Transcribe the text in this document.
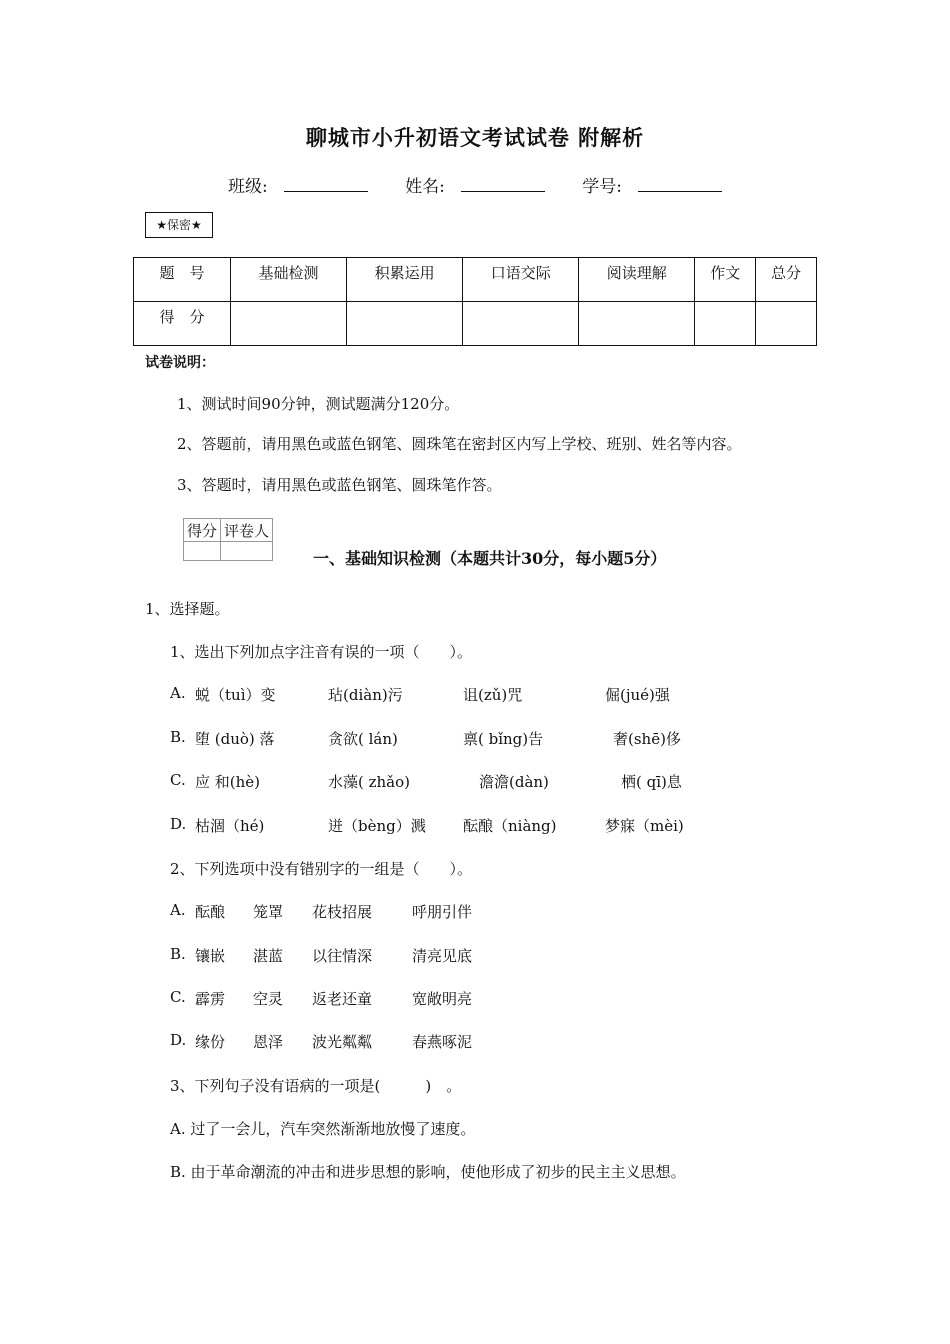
聊城市小升初语文考试试卷 附解析
班级:	姓名:	学号:
★保密★
题　号	基础检测	积累运用	口语交际	阅读理解	作文	总分
得　分						
试卷说明：
1、测试时间90分钟，测试题满分120分。
2、答题前，请用黑色或蓝色钢笔、圆珠笔在密封区内写上学校、班别、姓名等内容。
3、答题时，请用黑色或蓝色钢笔、圆珠笔作答。
得分	评卷人

一、基础知识检测（本题共计30分，每小题5分）
1、选择题。
1、选出下列加点字注音有误的一项（　　）。
A. 蜕（tuì）变	玷(diàn)污	诅(zǔ)咒	倔(jué)强
B. 堕 (duò) 落	贪欲( lán)	禀( bǐng)告	奢(shē)侈
C. 应 和(hè)	水藻( zhǎo)	澹澹(dàn)	栖( qī)息
D. 枯涸（hé)	迸（bèng）溅 酝酿（niàng)	梦寐（mèi)
2、下列选项中没有错别字的一组是（　　）。
A. 酝酿 笼罩 花枝招展	呼朋引伴
B. 镶嵌 湛蓝 以往情深	清亮见底
C. 霹雳 空灵 返老还童	宽敞明亮
D. 缘份 恩泽 波光粼粼	春燕啄泥
3、下列句子没有语病的一项是(　　　)　。
A. 过了一会儿，汽车突然渐渐地放慢了速度。
B. 由于革命潮流的冲击和进步思想的影响，使他形成了初步的民主主义思想。
